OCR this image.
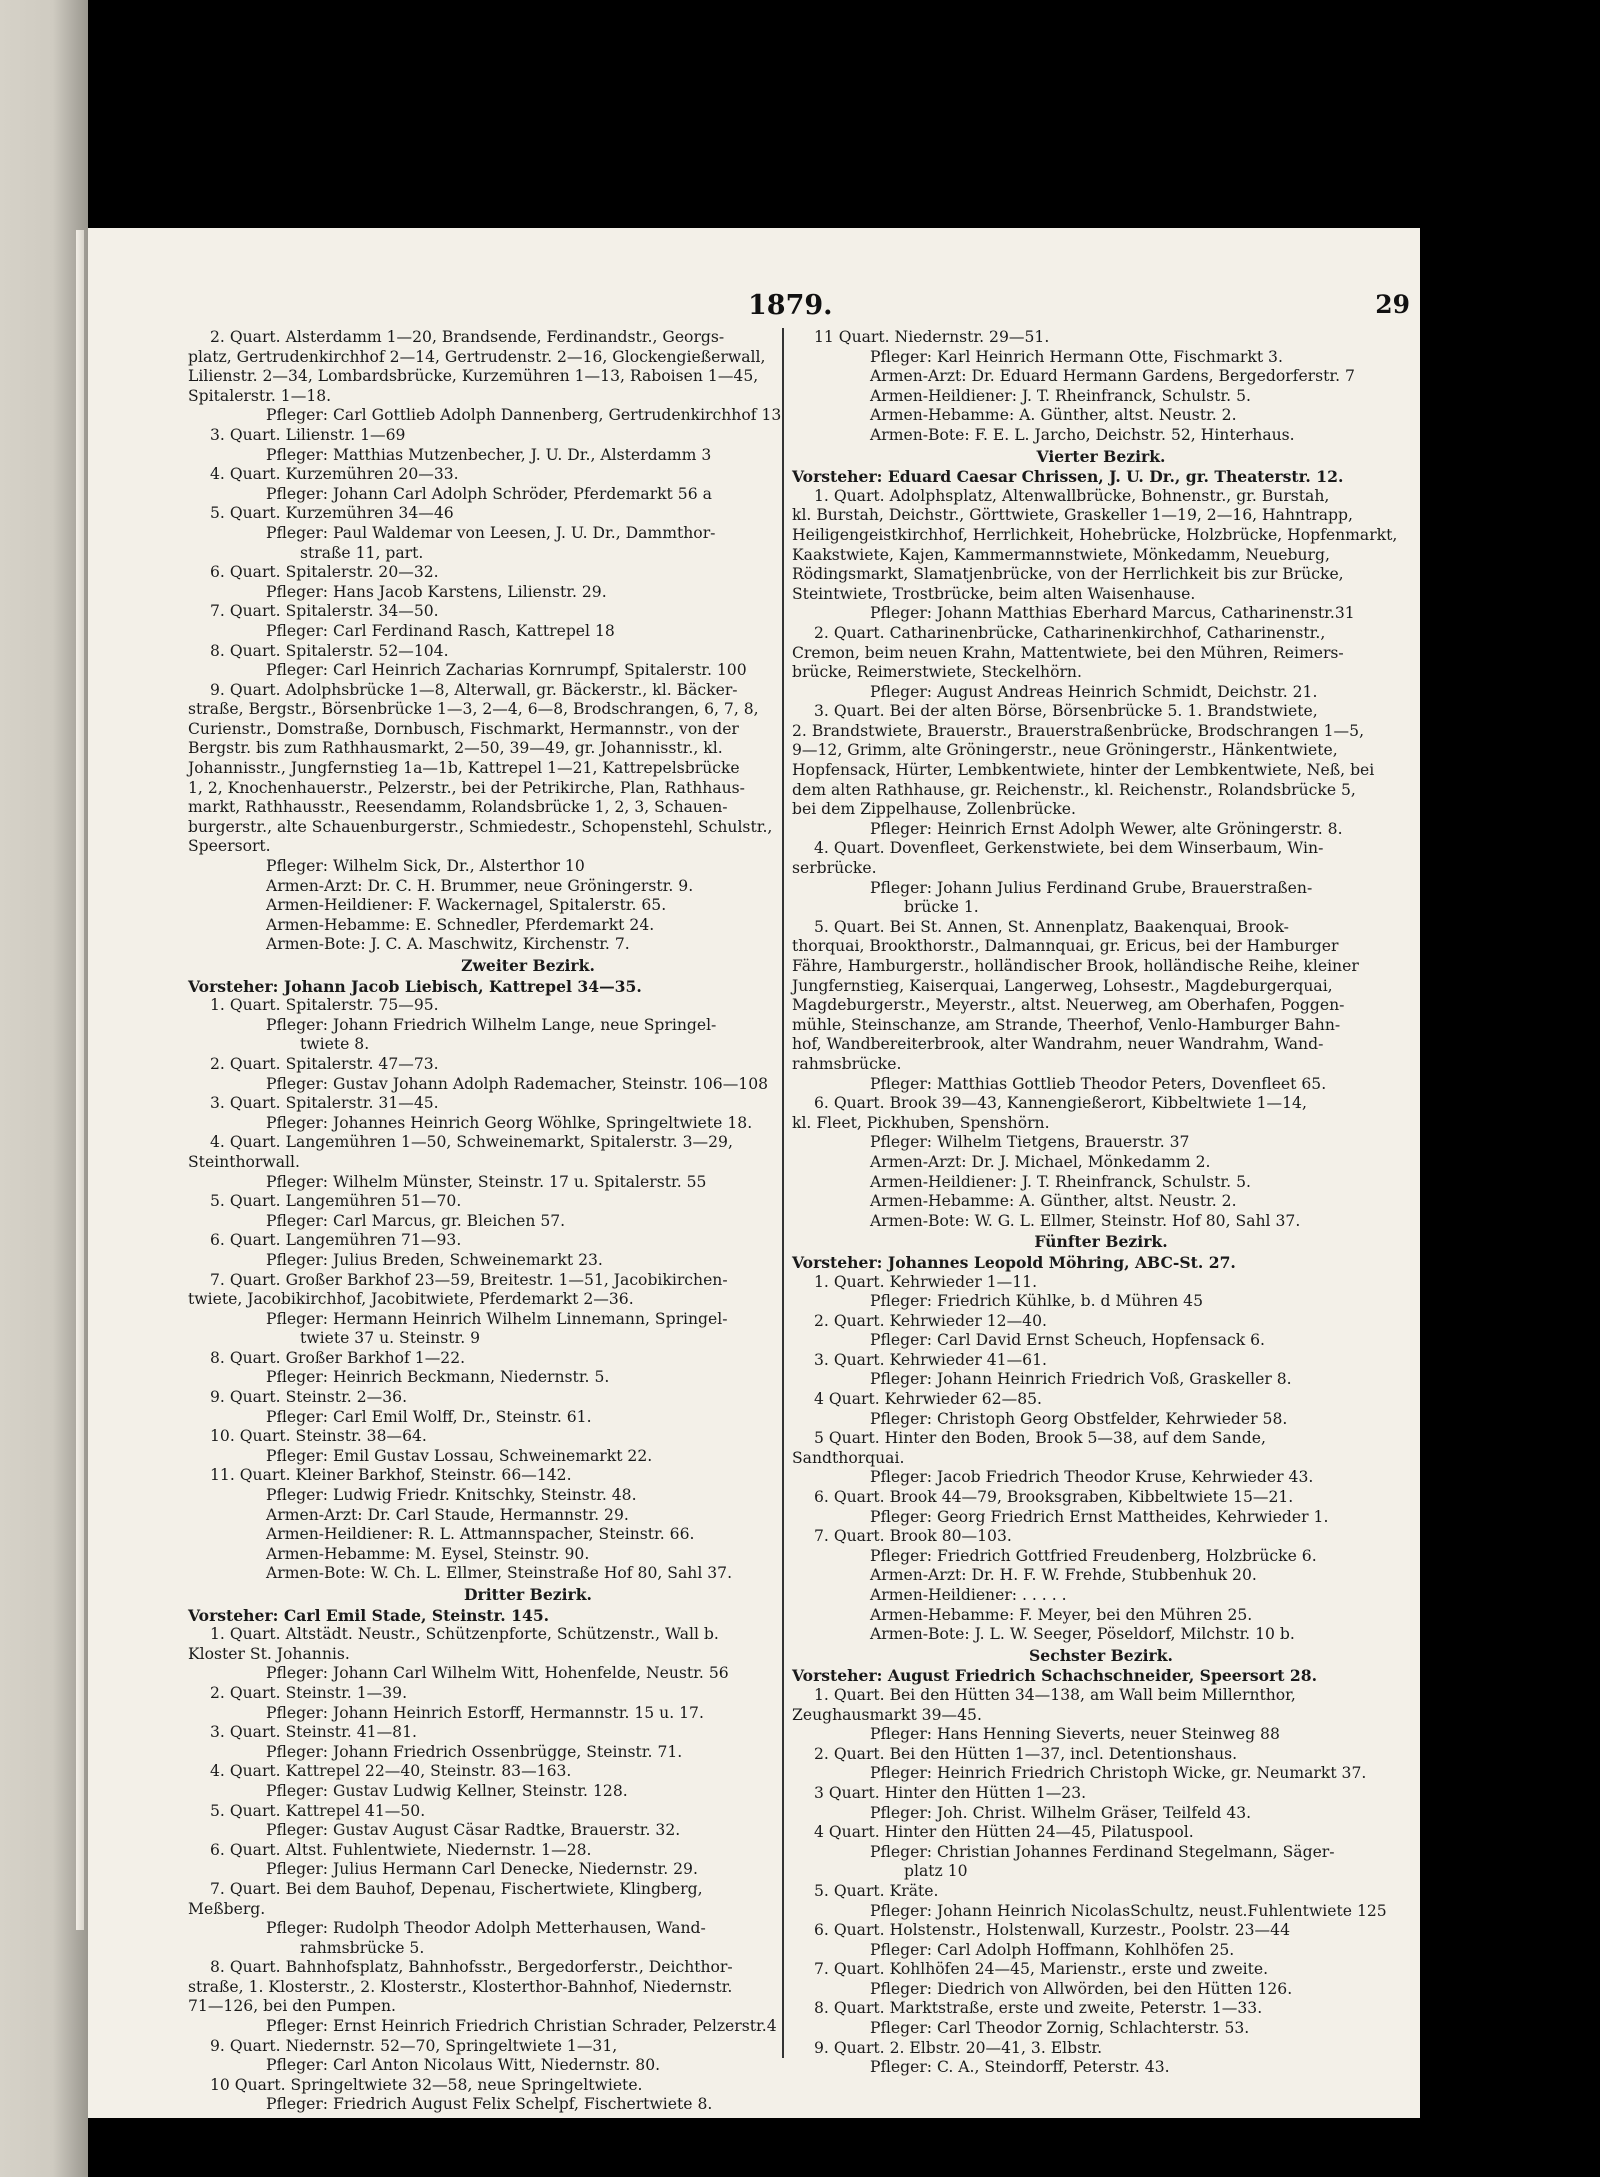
1879.	29

2. Quart. Alsterdamm 1—20, Brandsende, Ferdinandstr., Georgs-

platz, Gertrudenkirchhof 2—14, Gertrudenstr. 2—16, Glockengießerwall,

Lilienstr. 2—34, Lombardsbrücke, Kurzemühren 1—13, Raboisen 1—45,

Spitalerstr. 1—18.

Pfleger: Carl Gottlieb Adolph Dannenberg, Gertrudenkirchhof 13

3. Quart. Lilienstr. 1—69

Pfleger: Matthias Mutzenbecher, J. U. Dr., Alsterdamm 3

4. Quart. Kurzemühren 20—33.

Pfleger: Johann Carl Adolph Schröder, Pferdemarkt 56 a

5. Quart. Kurzemühren 34—46

Pfleger: Paul Waldemar von Leesen, J. U. Dr., Dammthor-

straße 11, part.

6. Quart. Spitalerstr. 20—32.

Pfleger: Hans Jacob Karstens, Lilienstr. 29.

7. Quart. Spitalerstr. 34—50.

Pfleger: Carl Ferdinand Rasch, Kattrepel 18

8. Quart. Spitalerstr. 52—104.

Pfleger: Carl Heinrich Zacharias Kornrumpf, Spitalerstr. 100

9. Quart. Adolphsbrücke 1—8, Alterwall, gr. Bäckerstr., kl. Bäcker-

straße, Bergstr., Börsenbrücke 1—3, 2—4, 6—8, Brodschrangen, 6, 7, 8,

Curienstr., Domstraße, Dornbusch, Fischmarkt, Hermannstr., von der

Bergstr. bis zum Rathhausmarkt, 2—50, 39—49, gr. Johannisstr., kl.

Johannisstr., Jungfernstieg 1a—1b, Kattrepel 1—21, Kattrepelsbrücke

1, 2, Knochenhauerstr., Pelzerstr., bei der Petrikirche, Plan, Rathhaus-

markt, Rathhausstr., Reesendamm, Rolandsbrücke 1, 2, 3, Schauen-

burgerstr., alte Schauenburgerstr., Schmiedestr., Schopenstehl, Schulstr.,

Speersort.

Pfleger: Wilhelm Sick, Dr., Alsterthor 10

Armen-Arzt: Dr. C. H. Brummer, neue Gröningerstr. 9.

Armen-Heildiener: F. Wackernagel, Spitalerstr. 65.

Armen-Hebamme: E. Schnedler, Pferdemarkt 24.

Armen-Bote: J. C. A. Maschwitz, Kirchenstr. 7.

Zweiter Bezirk.

Vorsteher: Johann Jacob Liebisch, Kattrepel 34—35.

1. Quart. Spitalerstr. 75—95.

Pfleger: Johann Friedrich Wilhelm Lange, neue Springel-

twiete 8.

2. Quart. Spitalerstr. 47—73.

Pfleger: Gustav Johann Adolph Rademacher, Steinstr. 106—108

3. Quart. Spitalerstr. 31—45.

Pfleger: Johannes Heinrich Georg Wöhlke, Springeltwiete 18.

4. Quart. Langemühren 1—50, Schweinemarkt, Spitalerstr. 3—29,

Steinthorwall.

Pfleger: Wilhelm Münster, Steinstr. 17 u. Spitalerstr. 55

5. Quart. Langemühren 51—70.

Pfleger: Carl Marcus, gr. Bleichen 57.

6. Quart. Langemühren 71—93.

Pfleger: Julius Breden, Schweinemarkt 23.

7. Quart. Großer Barkhof 23—59, Breitestr. 1—51, Jacobikirchen-

twiete, Jacobikirchhof, Jacobitwiete, Pferdemarkt 2—36.

Pfleger: Hermann Heinrich Wilhelm Linnemann, Springel-

twiete 37 u. Steinstr. 9

8. Quart. Großer Barkhof 1—22.

Pfleger: Heinrich Beckmann, Niedernstr. 5.

9. Quart. Steinstr. 2—36.

Pfleger: Carl Emil Wolff, Dr., Steinstr. 61.

10. Quart. Steinstr. 38—64.

Pfleger: Emil Gustav Lossau, Schweinemarkt 22.

11. Quart. Kleiner Barkhof, Steinstr. 66—142.

Pfleger: Ludwig Friedr. Knitschky, Steinstr. 48.

Armen-Arzt: Dr. Carl Staude, Hermannstr. 29.

Armen-Heildiener: R. L. Attmannspacher, Steinstr. 66.

Armen-Hebamme: M. Eysel, Steinstr. 90.

Armen-Bote: W. Ch. L. Ellmer, Steinstraße Hof 80, Sahl 37.

Dritter Bezirk.

Vorsteher: Carl Emil Stade, Steinstr. 145.

1. Quart. Altstädt. Neustr., Schützenpforte, Schützenstr., Wall b.

Kloster St. Johannis.

Pfleger: Johann Carl Wilhelm Witt, Hohenfelde, Neustr. 56

2. Quart. Steinstr. 1—39.

Pfleger: Johann Heinrich Estorff, Hermannstr. 15 u. 17.

3. Quart. Steinstr. 41—81.

Pfleger: Johann Friedrich Ossenbrügge, Steinstr. 71.

4. Quart. Kattrepel 22—40, Steinstr. 83—163.

Pfleger: Gustav Ludwig Kellner, Steinstr. 128.

5. Quart. Kattrepel 41—50.

Pfleger: Gustav August Cäsar Radtke, Brauerstr. 32.

6. Quart. Altst. Fuhlentwiete, Niedernstr. 1—28.

Pfleger: Julius Hermann Carl Denecke, Niedernstr. 29.

7. Quart. Bei dem Bauhof, Depenau, Fischertwiete, Klingberg,

Meßberg.

Pfleger: Rudolph Theodor Adolph Metterhausen, Wand-

rahmsbrücke 5.

8. Quart. Bahnhofsplatz, Bahnhofsstr., Bergedorferstr., Deichthor-

straße, 1. Klosterstr., 2. Klosterstr., Klosterthor-Bahnhof, Niedernstr.

71—126, bei den Pumpen.

Pfleger: Ernst Heinrich Friedrich Christian Schrader, Pelzerstr.4

9. Quart. Niedernstr. 52—70, Springeltwiete 1—31,

Pfleger: Carl Anton Nicolaus Witt, Niedernstr. 80.

10 Quart. Springeltwiete 32—58, neue Springeltwiete.

Pfleger: Friedrich August Felix Schelpf, Fischertwiete 8.

11 Quart. Niedernstr. 29—51.

Pfleger: Karl Heinrich Hermann Otte, Fischmarkt 3.

Armen-Arzt: Dr. Eduard Hermann Gardens, Bergedorferstr. 7

Armen-Heildiener: J. T. Rheinfranck, Schulstr. 5.

Armen-Hebamme: A. Günther, altst. Neustr. 2.

Armen-Bote: F. E. L. Jarcho, Deichstr. 52, Hinterhaus.

Vierter Bezirk.

Vorsteher: Eduard Caesar Chrissen, J. U. Dr., gr. Theaterstr. 12.

1. Quart. Adolphsplatz, Altenwallbrücke, Bohnenstr., gr. Burstah,

kl. Burstah, Deichstr., Görttwiete, Graskeller 1—19, 2—16, Hahntrapp,

Heiligengeistkirchhof, Herrlichkeit, Hohebrücke, Holzbrücke, Hopfenmarkt,

Kaakstwiete, Kajen, Kammermannstwiete, Mönkedamm, Neueburg,

Rödingsmarkt, Slamatjenbrücke, von der Herrlichkeit bis zur Brücke,

Steintwiete, Trostbrücke, beim alten Waisenhause.

Pfleger: Johann Matthias Eberhard Marcus, Catharinenstr.31

2. Quart. Catharinenbrücke, Catharinenkirchhof, Catharinenstr.,

Cremon, beim neuen Krahn, Mattentwiete, bei den Mühren, Reimers-

brücke, Reimerstwiete, Steckelhörn.

Pfleger: August Andreas Heinrich Schmidt, Deichstr. 21.

3. Quart. Bei der alten Börse, Börsenbrücke 5. 1. Brandstwiete,

2. Brandstwiete, Brauerstr., Brauerstraßenbrücke, Brodschrangen 1—5,

9—12, Grimm, alte Gröningerstr., neue Gröningerstr., Hänkentwiete,

Hopfensack, Hürter, Lembkentwiete, hinter der Lembkentwiete, Neß, bei

dem alten Rathhause, gr. Reichenstr., kl. Reichenstr., Rolandsbrücke 5,

bei dem Zippelhause, Zollenbrücke.

Pfleger: Heinrich Ernst Adolph Wewer, alte Gröningerstr. 8.

4. Quart. Dovenfleet, Gerkenstwiete, bei dem Winserbaum, Win-

serbrücke.

Pfleger: Johann Julius Ferdinand Grube, Brauerstraßen-

brücke 1.

5. Quart. Bei St. Annen, St. Annenplatz, Baakenquai, Brook-

thorquai, Brookthorstr., Dalmannquai, gr. Ericus, bei der Hamburger

Fähre, Hamburgerstr., holländischer Brook, holländische Reihe, kleiner

Jungfernstieg, Kaiserquai, Langerweg, Lohsestr., Magdeburgerquai,

Magdeburgerstr., Meyerstr., altst. Neuerweg, am Oberhafen, Poggen-

mühle, Steinschanze, am Strande, Theerhof, Venlo-Hamburger Bahn-

hof, Wandbereiterbrook, alter Wandrahm, neuer Wandrahm, Wand-

rahmsbrücke.

Pfleger: Matthias Gottlieb Theodor Peters, Dovenfleet 65.

6. Quart. Brook 39—43, Kannengießerort, Kibbeltwiete 1—14,

kl. Fleet, Pickhuben, Spenshörn.

Pfleger: Wilhelm Tietgens, Brauerstr. 37

Armen-Arzt: Dr. J. Michael, Mönkedamm 2.

Armen-Heildiener: J. T. Rheinfranck, Schulstr. 5.

Armen-Hebamme: A. Günther, altst. Neustr. 2.

Armen-Bote: W. G. L. Ellmer, Steinstr. Hof 80, Sahl 37.

Fünfter Bezirk.

Vorsteher: Johannes Leopold Möhring, ABC-St. 27.

1. Quart. Kehrwieder 1—11.

Pfleger: Friedrich Kühlke, b. d Mühren 45

2. Quart. Kehrwieder 12—40.

Pfleger: Carl David Ernst Scheuch, Hopfensack 6.

3. Quart. Kehrwieder 41—61.

Pfleger: Johann Heinrich Friedrich Voß, Graskeller 8.

4 Quart. Kehrwieder 62—85.

Pfleger: Christoph Georg Obstfelder, Kehrwieder 58.

5 Quart. Hinter den Boden, Brook 5—38, auf dem Sande,

Sandthorquai.

Pfleger: Jacob Friedrich Theodor Kruse, Kehrwieder 43.

6. Quart. Brook 44—79, Brooksgraben, Kibbeltwiete 15—21.

Pfleger: Georg Friedrich Ernst Mattheides, Kehrwieder 1.

7. Quart. Brook 80—103.

Pfleger: Friedrich Gottfried Freudenberg, Holzbrücke 6.

Armen-Arzt: Dr. H. F. W. Frehde, Stubbenhuk 20.

Armen-Heildiener: . . . . .

Armen-Hebamme: F. Meyer, bei den Mühren 25.

Armen-Bote: J. L. W. Seeger, Pöseldorf, Milchstr. 10 b.

Sechster Bezirk.

Vorsteher: August Friedrich Schachschneider, Speersort 28.

1. Quart. Bei den Hütten 34—138, am Wall beim Millernthor,

Zeughausmarkt 39—45.

Pfleger: Hans Henning Sieverts, neuer Steinweg 88

2. Quart. Bei den Hütten 1—37, incl. Detentionshaus.

Pfleger: Heinrich Friedrich Christoph Wicke, gr. Neumarkt 37.

3 Quart. Hinter den Hütten 1—23.

Pfleger: Joh. Christ. Wilhelm Gräser, Teilfeld 43.

4 Quart. Hinter den Hütten 24—45, Pilatuspool.

Pfleger: Christian Johannes Ferdinand Stegelmann, Säger-

platz 10

5. Quart. Kräte.

Pfleger: Johann Heinrich NicolasSchultz, neust.Fuhlentwiete 125

6. Quart. Holstenstr., Holstenwall, Kurzestr., Poolstr. 23—44

Pfleger: Carl Adolph Hoffmann, Kohlhöfen 25.

7. Quart. Kohlhöfen 24—45, Marienstr., erste und zweite.

Pfleger: Diedrich von Allwörden, bei den Hütten 126.

8. Quart. Marktstraße, erste und zweite, Peterstr. 1—33.

Pfleger: Carl Theodor Zornig, Schlachterstr. 53.

9. Quart. 2. Elbstr. 20—41, 3. Elbstr.

Pfleger: C. A., Steindorff, Peterstr. 43.
